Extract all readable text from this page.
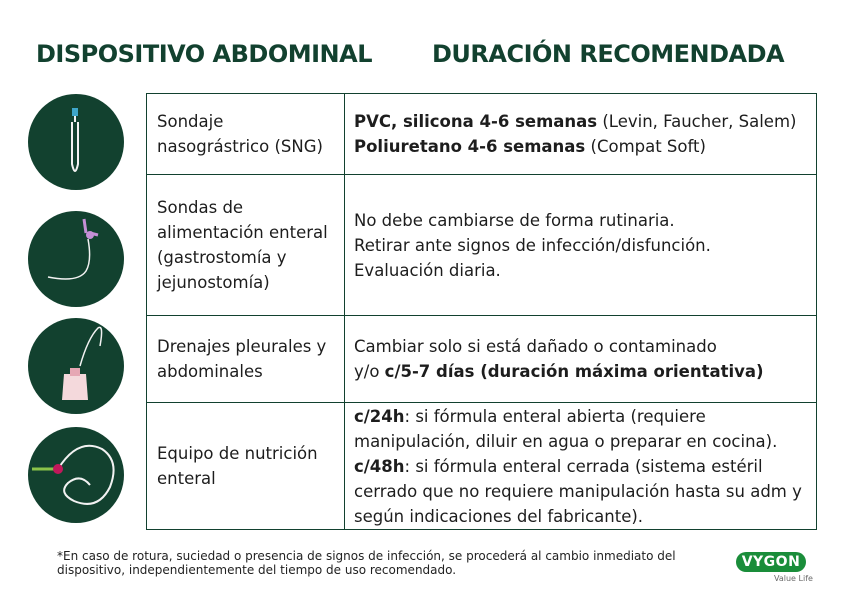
DISPOSITIVO ABDOMINAL DURACIÓN RECOMENDADA
Sondaje nasográstrico (SNG)	PVC, silicona 4-6 semanas (Levin, Faucher, Salem)
Poliuretano 4-6 semanas (Compat Soft)

Sondas de alimentación enteral (gastrostomía y jejunostomía)	No debe cambiarse de forma rutinaria.
Retirar ante signos de infección/disfunción.
Evaluación diaria.

Drenajes pleurales y abdominales	Cambiar solo si está dañado o contaminado
y/o c/5-7 días (duración máxima orientativa)

Equipo de nutrición enteral	c/24h: si fórmula enteral abierta (requiere manipulación, diluir en agua o preparar en cocina).
c/48h: si fórmula enteral cerrada (sistema estéril cerrado que no requiere manipulación hasta su adm y según indicaciones del fabricante).
*En caso de rotura, suciedad o presencia de signos de infección, se procederá al cambio inmediato del dispositivo, independientemente del tiempo de uso recomendado.	VYGON
Value Life
